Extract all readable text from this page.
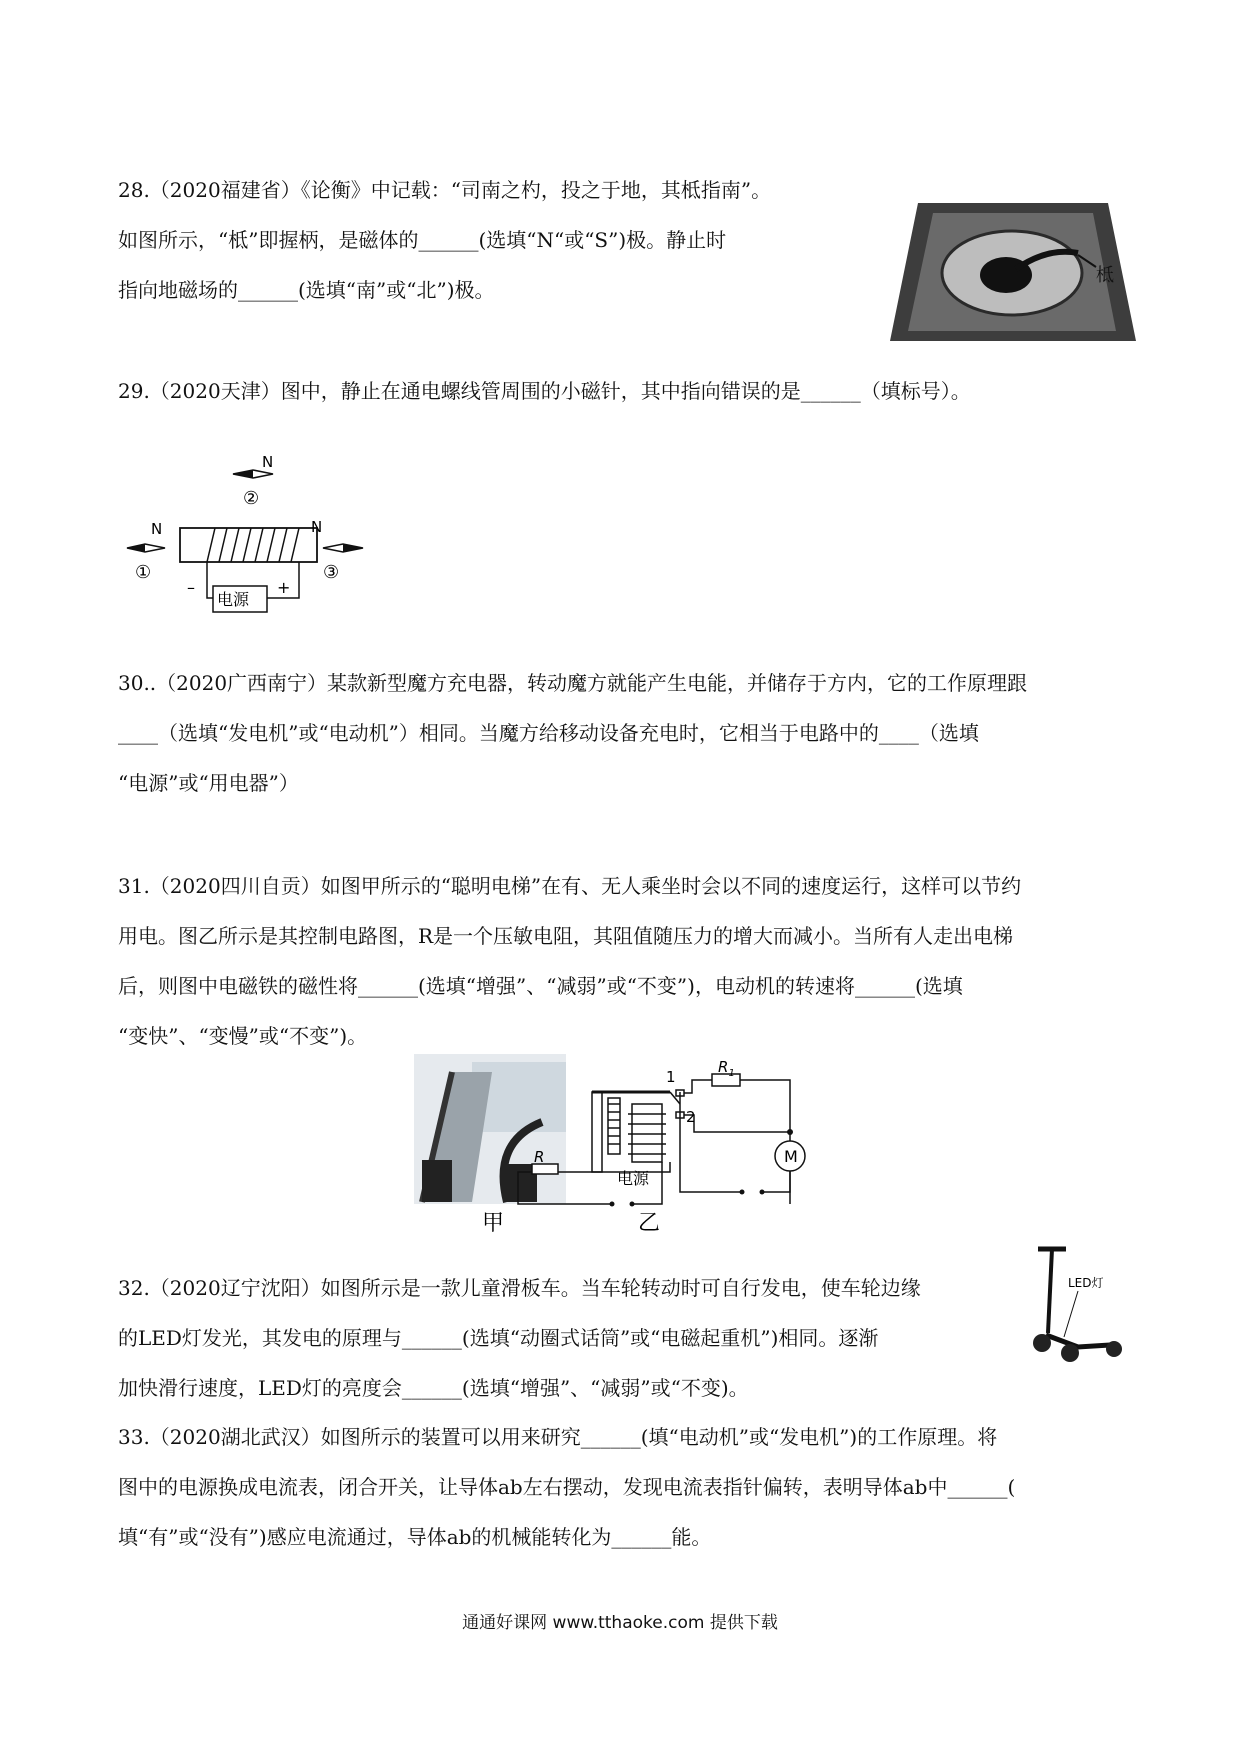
28.（2020福建省）《论衡》中记载：“司南之杓，投之于地，其柢指南”。
如图所示，“柢”即握柄，是磁体的______(选填“N“或“S”)极。静止时
指向地磁场的______(选填“南”或“北”)极。
柢
29.（2020天津）图中，静止在通电螺线管周围的小磁针，其中指向错误的是______（填标号）。
N
②
N
①
N
③
电源
–	+
30..（2020广西南宁）某款新型魔方充电器，转动魔方就能产生电能，并储存于方内，它的工作原理跟
____（选填“发电机”或“电动机”）相同。当魔方给移动设备充电时，它相当于电路中的____（选填
“电源”或“用电器”）
31.（2020四川自贡）如图甲所示的“聪明电梯”在有、无人乘坐时会以不同的速度运行，这样可以节约
用电。图乙所示是其控制电路图，R是一个压敏电阻，其阻值随压力的增大而减小。当所有人走出电梯
后，则图中电磁铁的磁性将______(选填“增强”、“减弱”或“不变”)，电动机的转速将______(选填
“变快”、“变慢”或“不变”)。
甲
1
2
$R_1$
R	M
电源
乙
32.（2020辽宁沈阳）如图所示是一款儿童滑板车。当车轮转动时可自行发电，使车轮边缘
的LED灯发光，其发电的原理与______(选填“动圈式话筒”或“电磁起重机”)相同。逐渐
加快滑行速度，LED灯的亮度会______(选填“增强”、“减弱”或“不变)。
LED灯
33.（2020湖北武汉）如图所示的装置可以用来研究______(填“电动机”或“发电机”)的工作原理。将
图中的电源换成电流表，闭合开关，让导体ab左右摆动，发现电流表指针偏转，表明导体ab中______(
填“有”或“没有”)感应电流通过，导体ab的机械能转化为______能。
通通好课网 www.tthaoke.com 提供下载
